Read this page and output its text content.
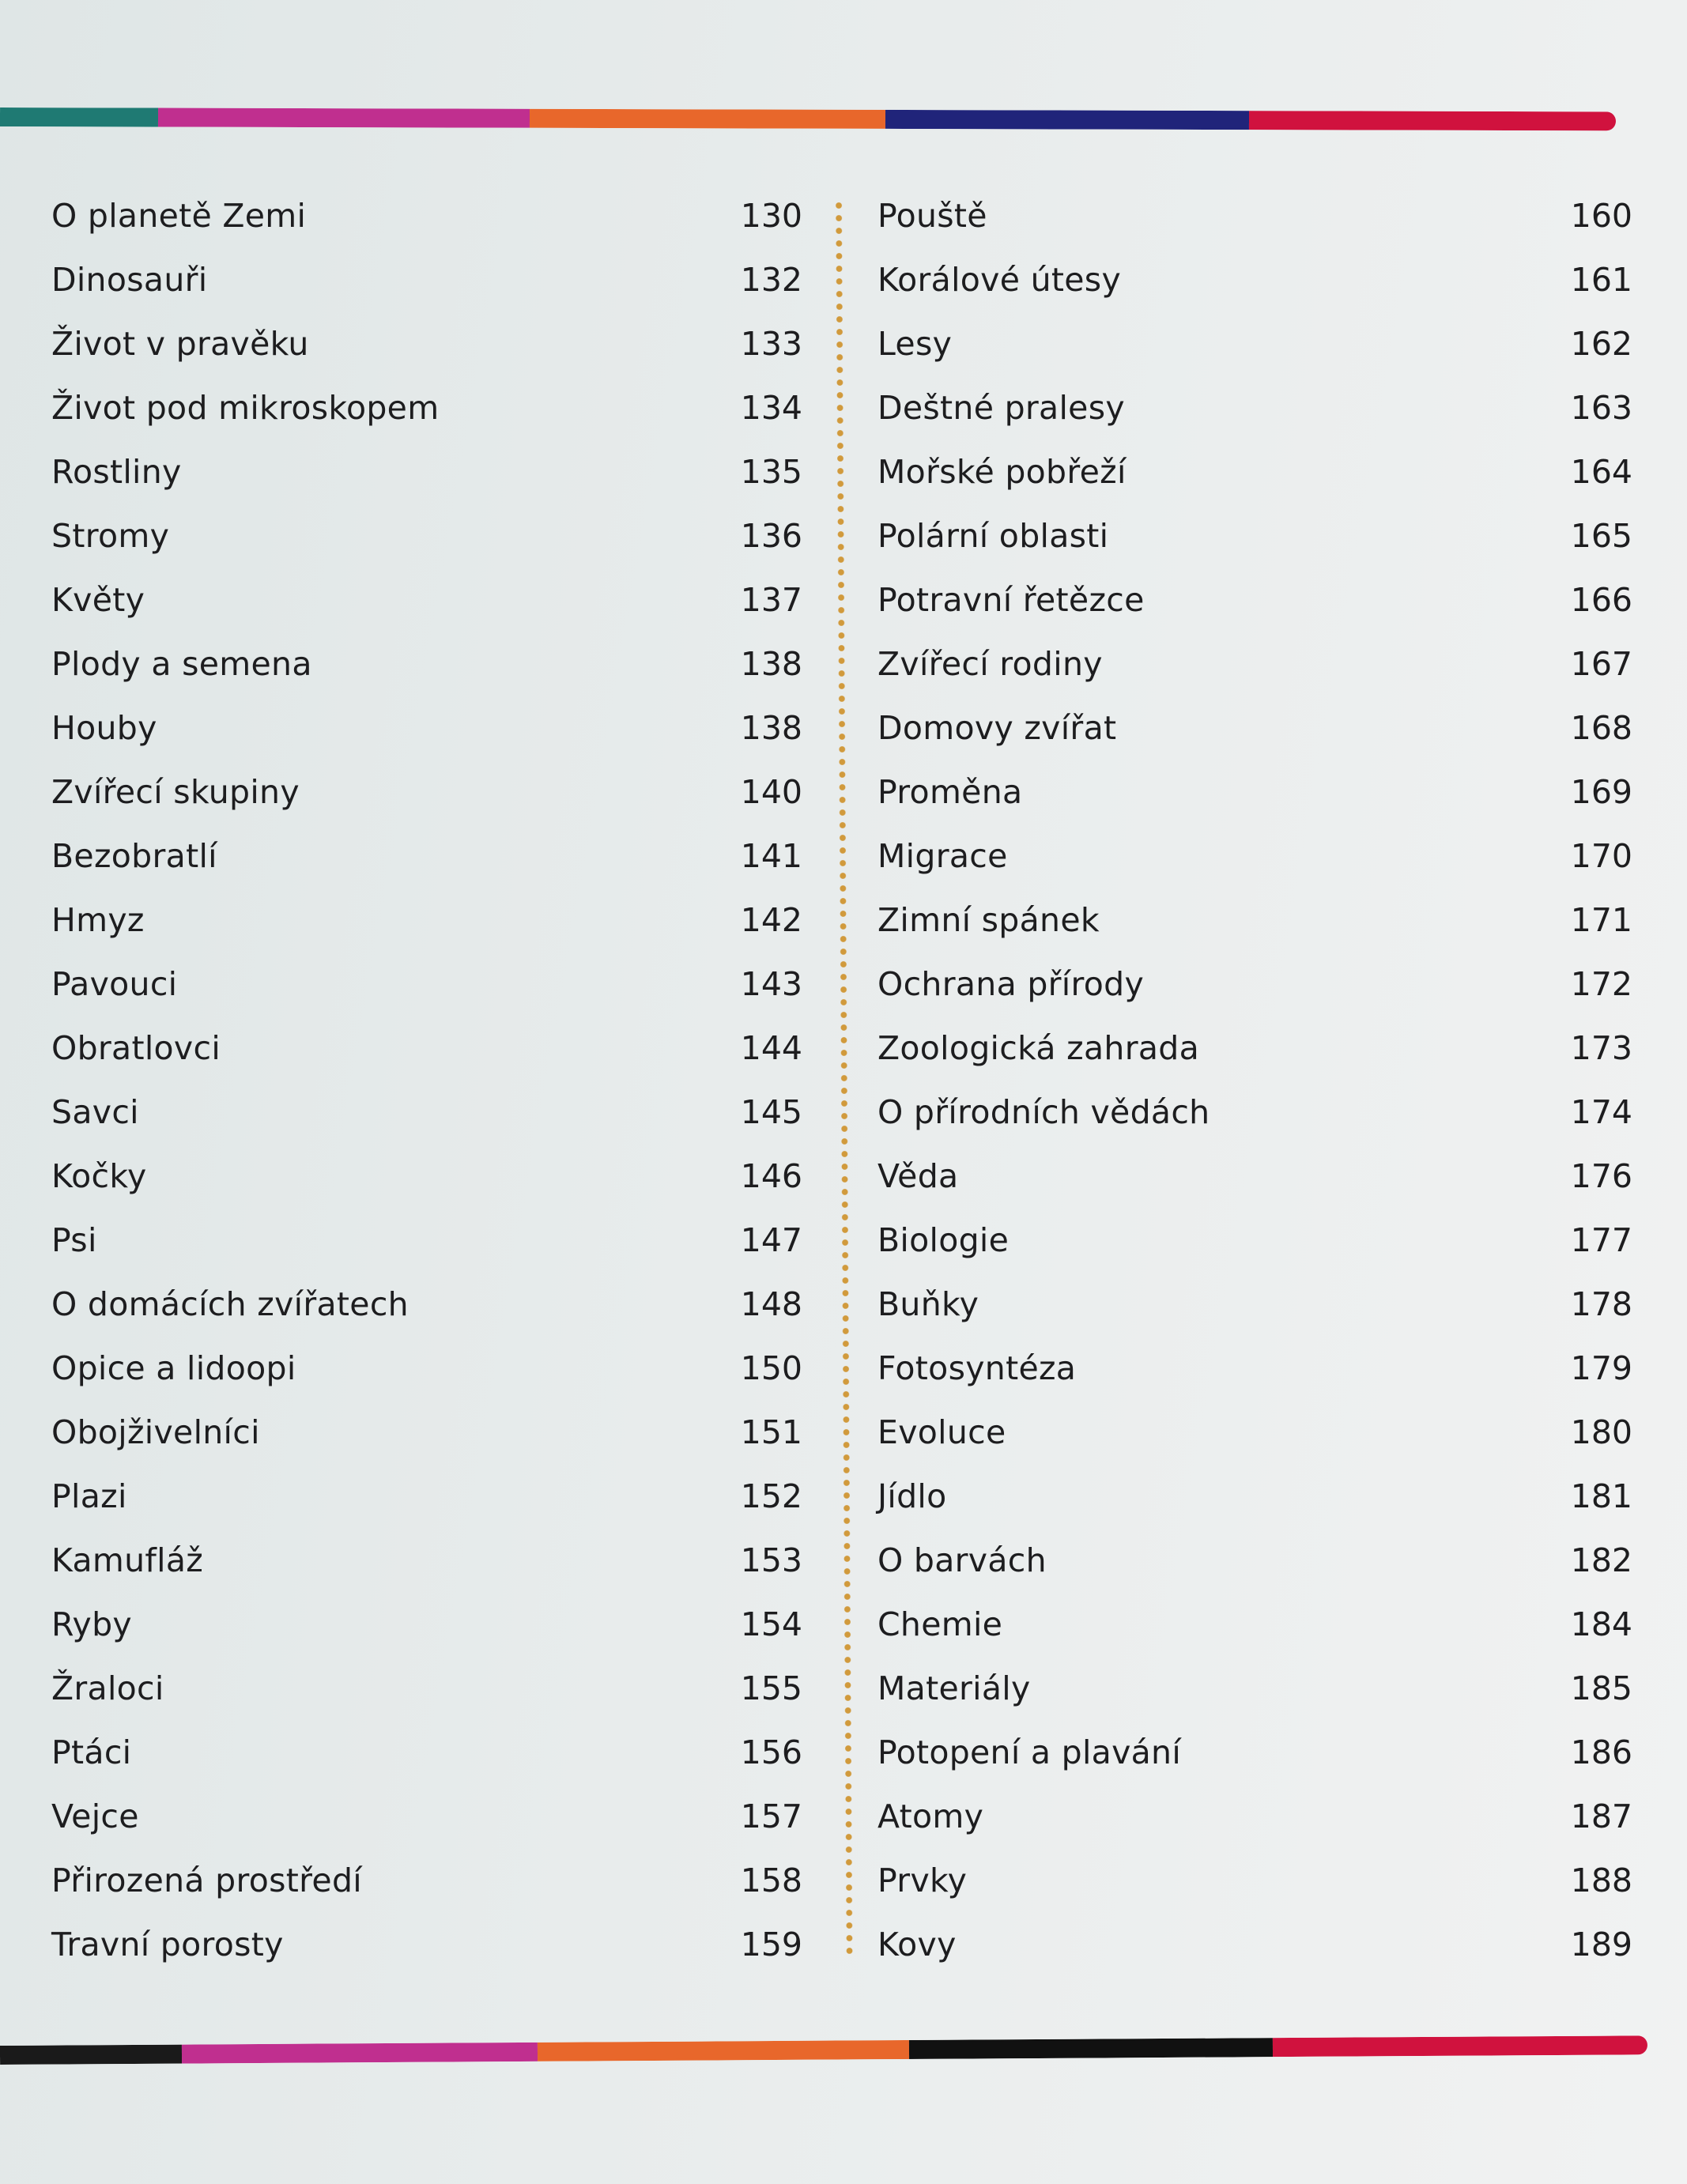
O planetě Zemi	130
Dinosauři	132
Život v pravěku	133
Život pod mikroskopem	134
Rostliny	135
Stromy	136
Květy	137
Plody a semena	138
Houby	138
Zvířecí skupiny	140
Bezobratlí	141
Hmyz	142
Pavouci	143
Obratlovci	144
Savci	145
Kočky	146
Psi	147
O domácích zvířatech	148
Opice a lidoopi	150
Obojživelníci	151
Plazi	152
Kamufláž	153
Ryby	154
Žraloci	155
Ptáci	156
Vejce	157
Přirozená prostředí	158
Travní porosty	159
Pouště	160
Korálové útesy	161
Lesy	162
Deštné pralesy	163
Mořské pobřeží	164
Polární oblasti	165
Potravní řetězce	166
Zvířecí rodiny	167
Domovy zvířat	168
Proměna	169
Migrace	170
Zimní spánek	171
Ochrana přírody	172
Zoologická zahrada	173
O přírodních vědách	174
Věda	176
Biologie	177
Buňky	178
Fotosyntéza	179
Evoluce	180
Jídlo	181
O barvách	182
Chemie	184
Materiály	185
Potopení a plavání	186
Atomy	187
Prvky	188
Kovy	189
